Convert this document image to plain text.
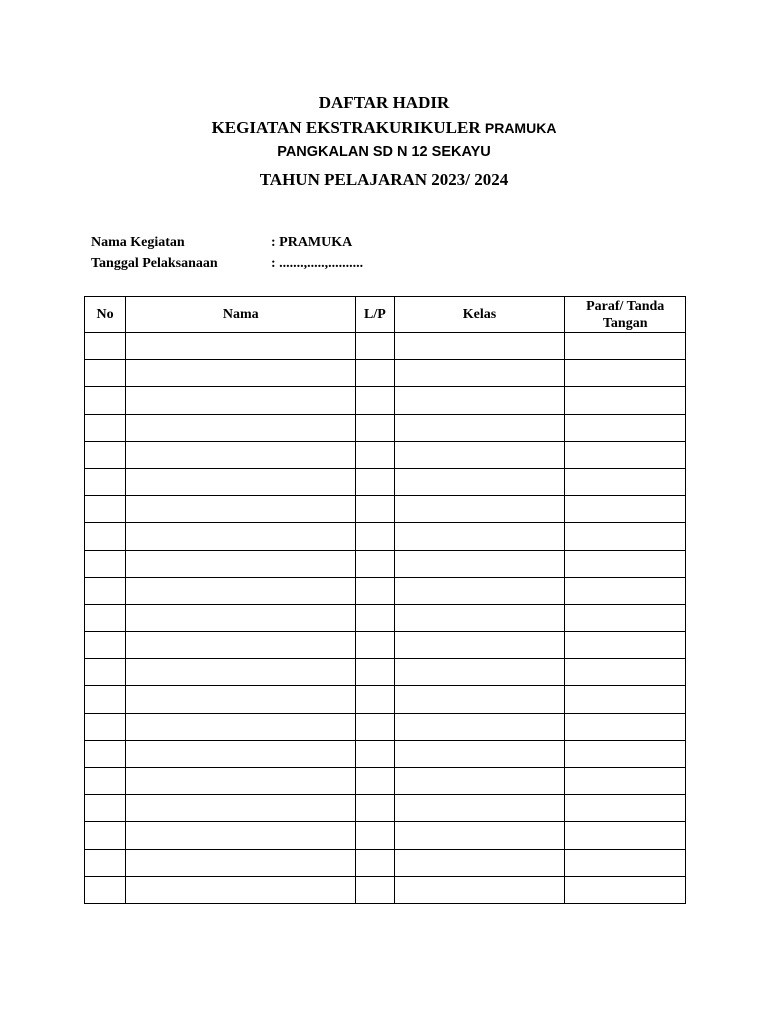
DAFTAR HADIR
KEGIATAN EKSTRAKURIKULER PRAMUKA
PANGKALAN SD N 12 SEKAYU
TAHUN PELAJARAN 2023/ 2024
Nama Kegiatan	: PRAMUKA
Tanggal Pelaksanaan	: .......,.....,..........
No	Nama	L/P	Kelas	Paraf/ Tanda
Tangan
